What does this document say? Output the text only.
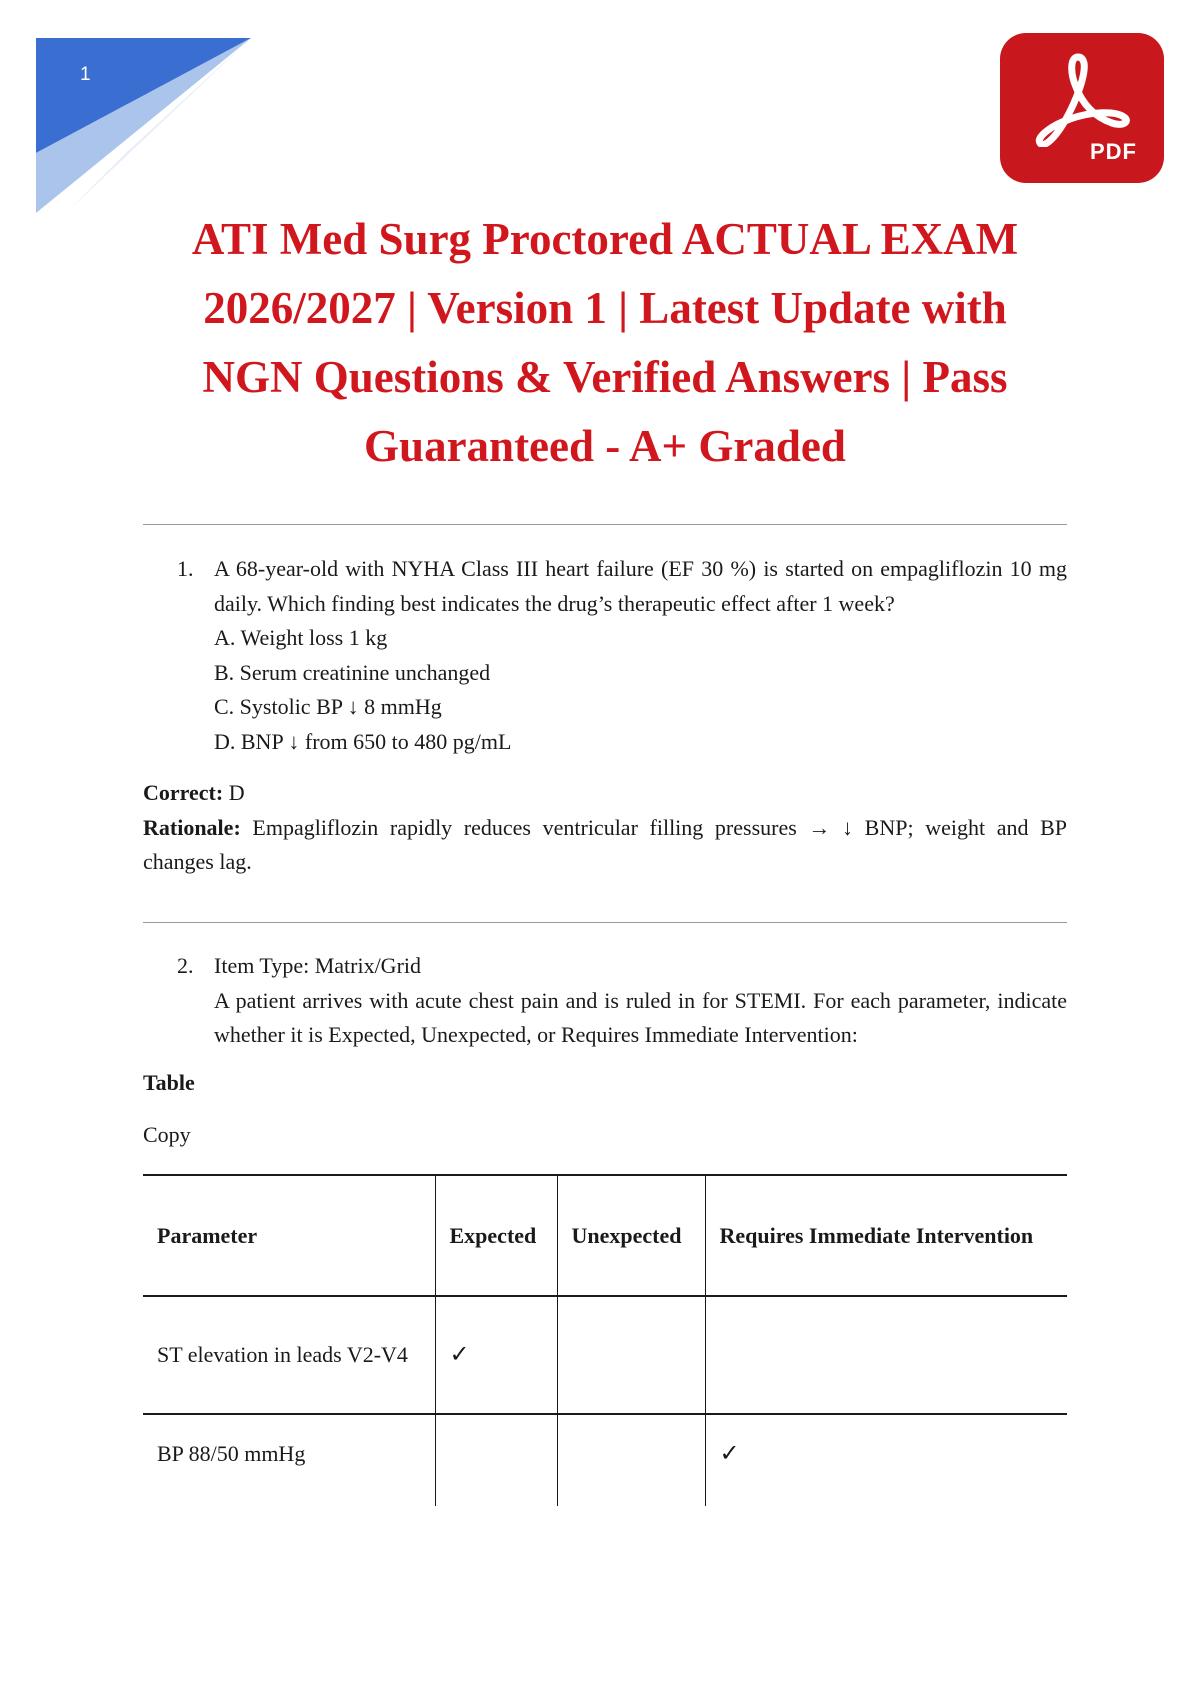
1
PDF
ATI Med Surg Proctored ACTUAL EXAM
2026/2027 | Version 1 | Latest Update with
NGN Questions & Verified Answers | Pass
Guaranteed - A+ Graded
1. A 68-year-old with NYHA Class III heart failure (EF 30 %) is started on empagliflozin 10 mg daily. Which finding best indicates the drug’s therapeutic effect after 1 week?

A. Weight loss 1 kg
B. Serum creatinine unchanged
C. Systolic BP ↓ 8 mmHg
D. BNP ↓ from 650 to 480 pg/mL
Correct: D
Rationale: Empagliflozin rapidly reduces ventricular filling pressures → ↓ BNP; weight and BP changes lag.
2. Item Type: Matrix/Grid

A patient arrives with acute chest pain and is ruled in for STEMI. For each parameter, indicate whether it is Expected, Unexpected, or Requires Immediate Intervention:

Table
Copy
Parameter	Expected	Unexpected	Requires Immediate Intervention
ST elevation in leads V2-V4	✓		
BP 88/50 mmHg			✓
